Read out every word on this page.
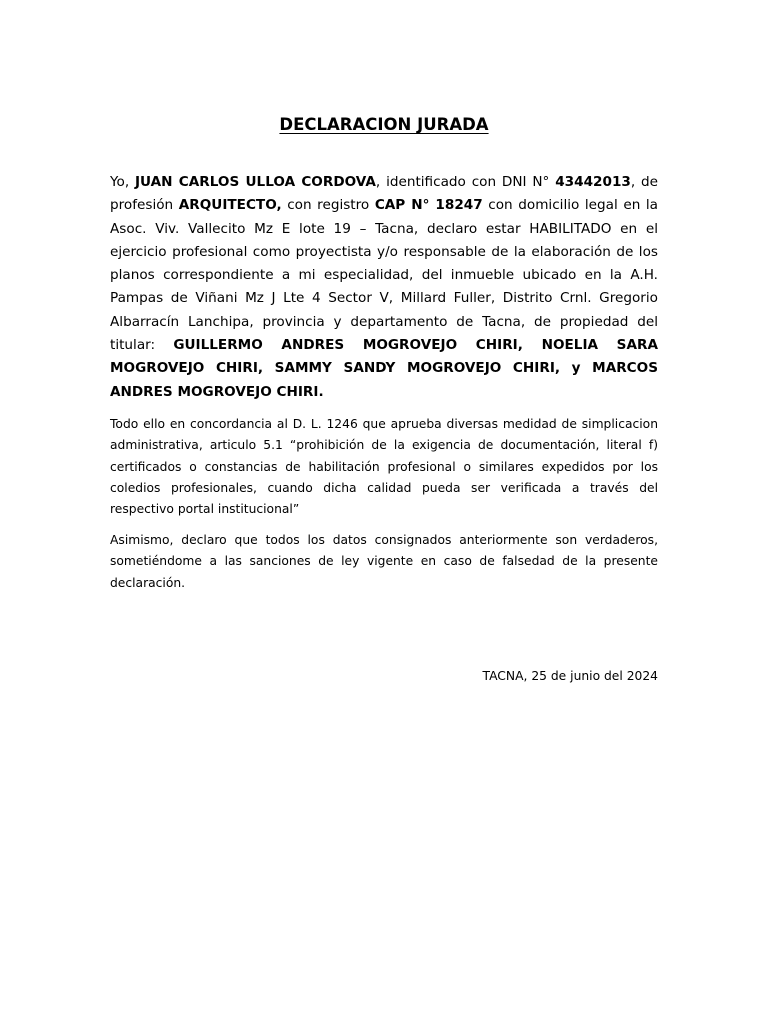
DECLARACION JURADA

Yo, JUAN CARLOS ULLOA CORDOVA, identificado con DNI N° 43442013, de profesión ARQUITECTO, con registro CAP N° 18247 con domicilio legal en la Asoc. Viv. Vallecito Mz E lote 19 – Tacna, declaro estar HABILITADO en el ejercicio profesional como proyectista y/o responsable de la elaboración de los planos correspondiente a mi especialidad, del inmueble ubicado en la A.H. Pampas de Viñani Mz J Lte 4 Sector V, Millard Fuller, Distrito Crnl. Gregorio Albarracín Lanchipa, provincia y departamento de Tacna, de propiedad del titular: GUILLERMO ANDRES MOGROVEJO CHIRI, NOELIA SARA MOGROVEJO CHIRI, SAMMY SANDY MOGROVEJO CHIRI, y MARCOS ANDRES MOGROVEJO CHIRI.

Todo ello en concordancia al D. L. 1246 que aprueba diversas medidad de simplicacion administrativa, articulo 5.1 “prohibición de la exigencia de documentación, literal f) certificados o constancias de habilitación profesional o similares expedidos por los coledios profesionales, cuando dicha calidad pueda ser verificada a través del respectivo portal institucional”

Asimismo, declaro que todos los datos consignados anteriormente son verdaderos, sometiéndome a las sanciones de ley vigente en caso de falsedad de la presente declaración.

TACNA, 25 de junio del 2024
